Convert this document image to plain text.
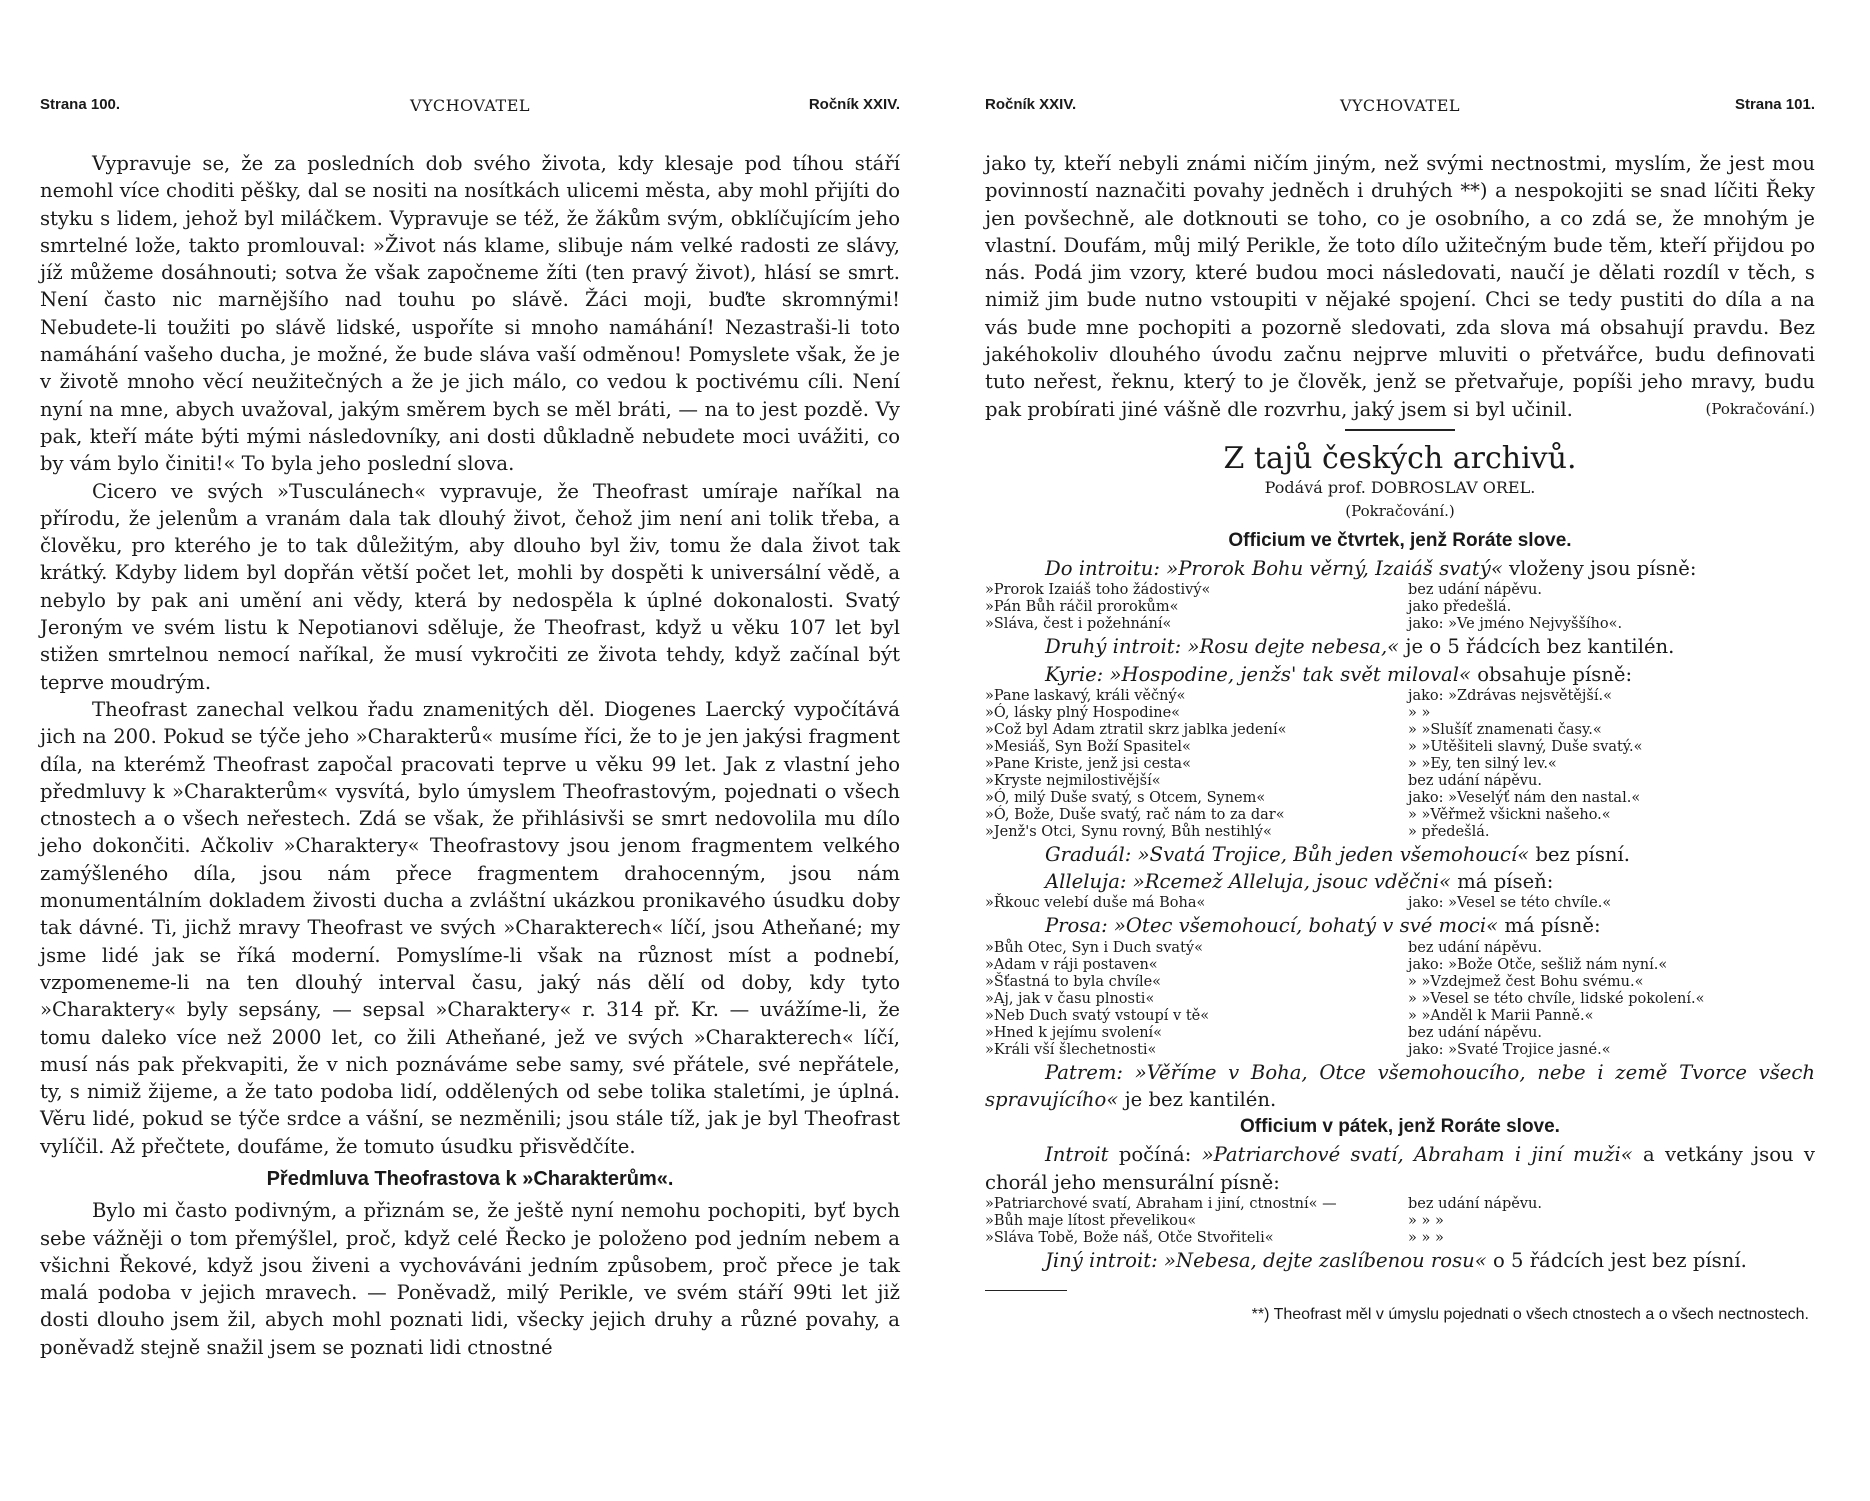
Strana 100.	VYCHOVATEL	Ročník XXIV.

Vypravuje se, že za posledních dob svého života, kdy klesaje pod tíhou stáří nemohl více choditi pěšky, dal se nositi na nosítkách ulicemi města, aby mohl přijíti do styku s lidem, jehož byl miláčkem. Vypravuje se též, že žákům svým, obklíčujícím jeho smrtelné lože, takto promlouval: »Život nás klame, slibuje nám velké radosti ze slávy, jíž můžeme dosáhnouti; sotva že však započneme žíti (ten pravý život), hlásí se smrt. Není často nic marnějšího nad touhu po slávě. Žáci moji, buďte skromnými! Nebudete-li toužiti po slávě lidské, uspoříte si mnoho namáhání! Nezastraši-li toto namáhání vašeho ducha, je možné, že bude sláva vaší odměnou! Pomyslete však, že je v životě mnoho věcí neužitečných a že je jich málo, co vedou k poctivému cíli. Není nyní na mne, abych uvažoval, jakým směrem bych se měl bráti, — na to jest pozdě. Vy pak, kteří máte býti mými následovníky, ani dosti důkladně nebudete moci uvážiti, co by vám bylo činiti!« To byla jeho poslední slova.

Cicero ve svých »Tusculánech« vypravuje, že Theofrast umíraje naříkal na přírodu, že jelenům a vranám dala tak dlouhý život, čehož jim není ani tolik třeba, a člověku, pro kterého je to tak důležitým, aby dlouho byl živ, tomu že dala život tak krátký. Kdyby lidem byl dopřán větší počet let, mohli by dospěti k universální vědě, a nebylo by pak ani umění ani vědy, která by nedospěla k úplné dokonalosti. Svatý Jeroným ve svém listu k Nepotianovi sděluje, že Theofrast, když u věku 107 let byl stižen smrtelnou nemocí naříkal, že musí vykročiti ze života tehdy, když začínal být teprve moudrým.

Theofrast zanechal velkou řadu znamenitých děl. Diogenes Laercký vypočítává jich na 200. Pokud se týče jeho »Charakterů« musíme říci, že to je jen jakýsi fragment díla, na kterémž Theofrast započal pracovati teprve u věku 99 let. Jak z vlastní jeho předmluvy k »Charakterům« vysvítá, bylo úmyslem Theofrastovým, pojednati o všech ctnostech a o všech neřestech. Zdá se však, že přihlásivši se smrt nedovolila mu dílo jeho dokončiti. Ačkoliv »Charaktery« Theofrastovy jsou jenom fragmentem velkého zamýšleného díla, jsou nám přece fragmentem drahocenným, jsou nám monumentálním dokladem živosti ducha a zvláštní ukázkou pronikavého úsudku doby tak dávné. Ti, jichž mravy Theofrast ve svých »Charakterech« líčí, jsou Atheňané; my jsme lidé jak se říká moderní. Pomyslíme-li však na různost míst a podnebí, vzpomeneme-li na ten dlouhý interval času, jaký nás dělí od doby, kdy tyto »Charaktery« byly sepsány, — sepsal »Charaktery« r. 314 př. Kr. — uvážíme-li, že tomu daleko více než 2000 let, co žili Atheňané, jež ve svých »Charakterech« líčí, musí nás pak překvapiti, že v nich poznáváme sebe samy, své přátele, své nepřátele, ty, s nimiž žijeme, a že tato podoba lidí, oddělených od sebe tolika staletími, je úplná. Věru lidé, pokud se týče srdce a vášní, se nezměnili; jsou stále tíž, jak je byl Theofrast vylíčil. Až přečtete, doufáme, že tomuto úsudku přisvědčíte.

Předmluva Theofrastova k »Charakterům«.

Bylo mi často podivným, a přiznám se, že ještě nyní nemohu pochopiti, byť bych sebe vážněji o tom přemýšlel, proč, když celé Řecko je položeno pod jedním nebem a všichni Řekové, když jsou živeni a vychováváni jedním způsobem, proč přece je tak malá podoba v jejich mravech. — Poněvadž, milý Perikle, ve svém stáří 99ti let již dosti dlouho jsem žil, abych mohl poznati lidi, všecky jejich druhy a různé povahy, a poněvadž stejně snažil jsem se poznati lidi ctnostné

Ročník XXIV.	VYCHOVATEL	Strana 101.

jako ty, kteří nebyli známi ničím jiným, než svými nectnostmi, myslím, že jest mou povinností naznačiti povahy jedněch i druhých **) a nespokojiti se snad líčiti Řeky jen povšechně, ale dotknouti se toho, co je osobního, a co zdá se, že mnohým je vlastní. Doufám, můj milý Perikle, že toto dílo užitečným bude těm, kteří přijdou po nás. Podá jim vzory, které budou moci následovati, naučí je dělati rozdíl v těch, s nimiž jim bude nutno vstoupiti v nějaké spojení. Chci se tedy pustiti do díla a na vás bude mne pochopiti a pozorně sledovati, zda slova má obsahují pravdu. Bez jakéhokoliv dlouhého úvodu začnu nejprve mluviti o přetvářce, budu definovati tuto neřest, řeknu, který to je člověk, jenž se přetvařuje, popíši jeho mravy, budu pak probírati jiné vášně dle rozvrhu, jaký jsem si byl učinil.	(Pokračování.)

Z tajů českých archivů.
Podává prof. DOBROSLAV OREL.
(Pokračování.)
Officium ve čtvrtek, jenž Roráte slove.
Do introitu: »Prorok Bohu věrný, Izaiáš svatý« vloženy jsou písně:
»Prorok Izaiáš toho žádostivý«	bez udání nápěvu.
»Pán Bůh ráčil prorokům«	jako předešlá.
»Sláva, čest i požehnání«	jako: »Ve jméno Nejvyššího«.
Druhý introit: »Rosu dejte nebesa,« je o 5 řádcích bez kantilén.
Kyrie: »Hospodine, jenžs' tak svět miloval« obsahuje písně:
»Pane laskavý, králi věčný«	jako: »Zdrávas nejsvětější.«
»Ó, lásky plný Hospodine«	» »
»Což byl Adam ztratil skrz jablka jedení«	» »Slušíť znamenati časy.«
»Mesiáš, Syn Boží Spasitel«	» »Utěšiteli slavný, Duše svatý.«
»Pane Kriste, jenž jsi cesta«	» »Ey, ten silný lev.«
»Kryste nejmilostivější«	bez udání nápěvu.
»Ó, milý Duše svatý, s Otcem, Synem«	jako: »Veselýť nám den nastal.«
»Ó, Bože, Duše svatý, rač nám to za dar«	» »Věřmež všickni našeho.«
»Jenž's Otci, Synu rovný, Bůh nestihlý«	» předešlá.
Graduál: »Svatá Trojice, Bůh jeden všemohoucí« bez písní.
Alleluja: »Rcemež Alleluja, jsouc vděčni« má píseň:
»Řkouc velebí duše má Boha«	jako: »Vesel se této chvíle.«
Prosa: »Otec všemohoucí, bohatý v své moci« má písně:
»Bůh Otec, Syn i Duch svatý«	bez udání nápěvu.
»Adam v ráji postaven«	jako: »Bože Otče, sešliž nám nyní.«
»Šťastná to byla chvíle«	» »Vzdejmež čest Bohu svému.«
»Aj, jak v času plnosti«	» »Vesel se této chvíle, lidské pokolení.«
»Neb Duch svatý vstoupí v tě«	» »Anděl k Marii Panně.«
»Hned k jejímu svolení«	bez udání nápěvu.
»Králi vší šlechetnosti«	jako: »Svaté Trojice jasné.«
Patrem: »Věříme v Boha, Otce všemohoucího, nebe i země Tvorce všech spravujícího« je bez kantilén.
Officium v pátek, jenž Roráte slove.
Introit počíná: »Patriarchové svatí, Abraham i jiní muži« a vetkány jsou v chorál jeho mensurální písně:
»Patriarchové svatí, Abraham i jiní, ctnostní« —	bez udání nápěvu.
»Bůh maje lítost převelikou«	» » »
»Sláva Tobě, Bože náš, Otče Stvořiteli«	» » »
Jiný introit: »Nebesa, dejte zaslíbenou rosu« o 5 řádcích jest bez písní.
**) Theofrast měl v úmyslu pojednati o všech ctnostech a o všech nectnostech.
